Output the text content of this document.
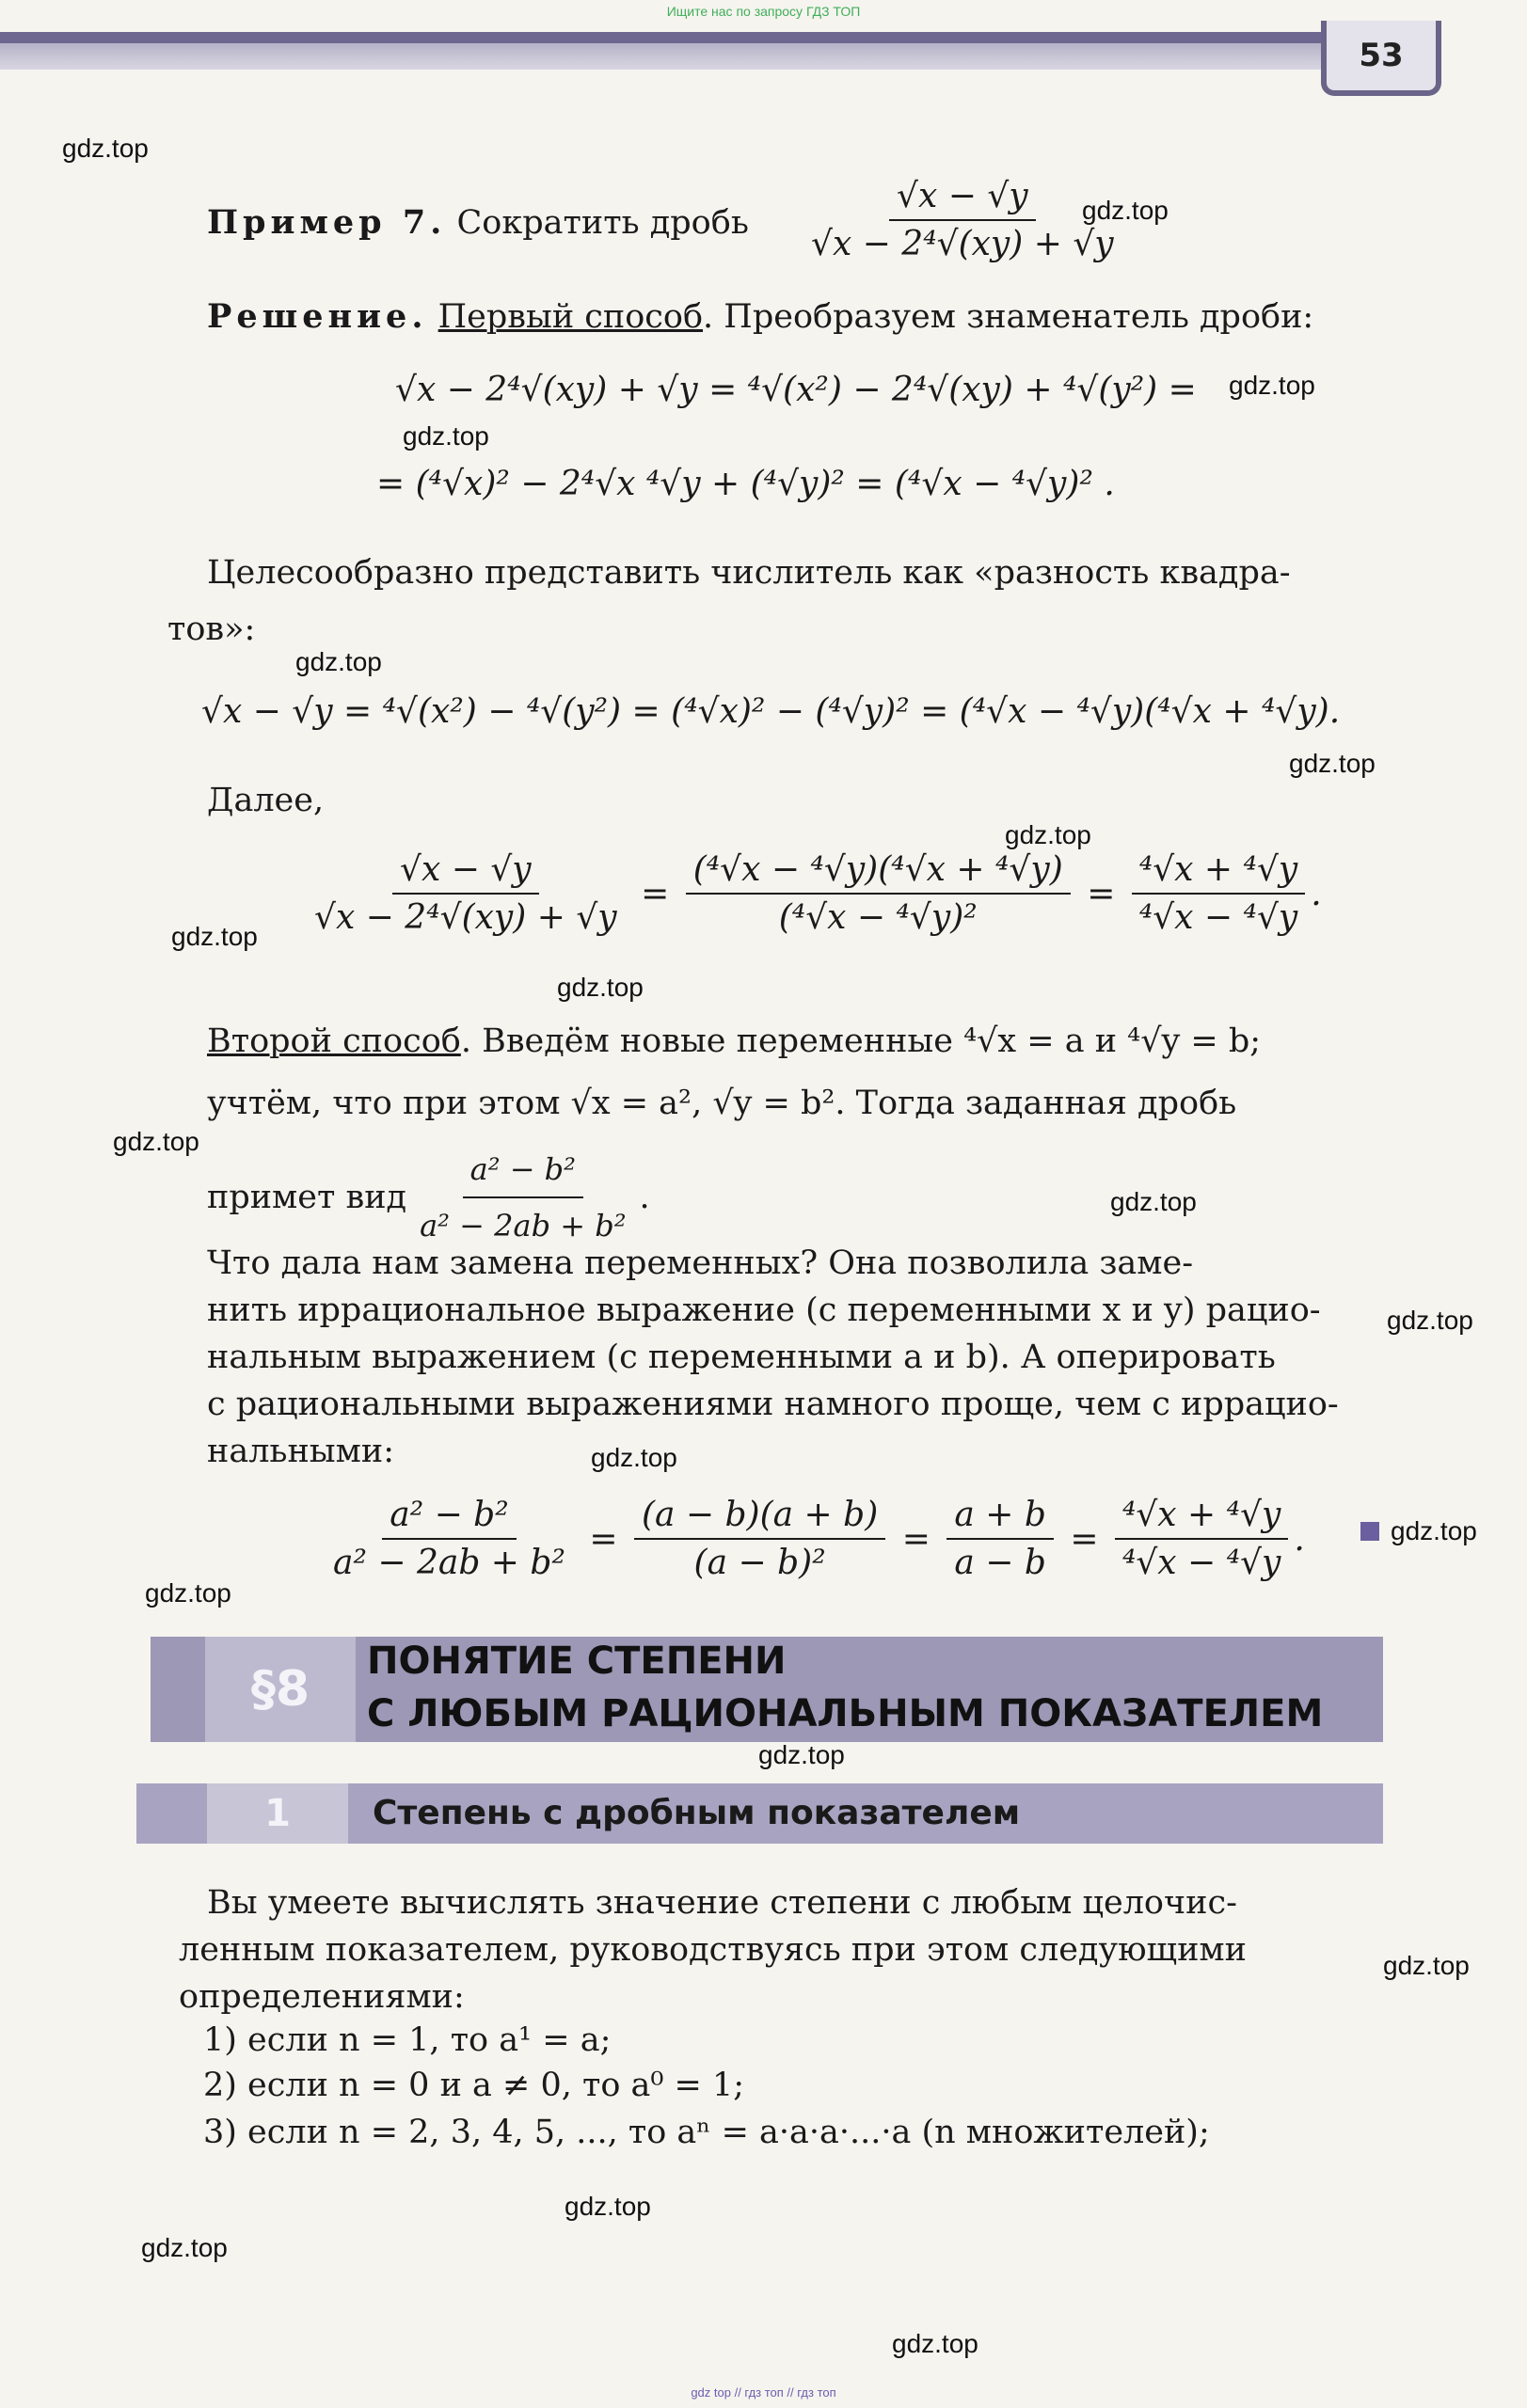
Ищите нас по запросу ГДЗ ТОП
53
Пример 7. Сократить дробь $\frac{√x - √y}{\text{√x − 2⁴√(xy) + √y}}$
Решение. Первый способ. Преобразуем знаменатель дроби:
√x − 2⁴√(xy) + √y = ⁴√(x²) − 2⁴√(xy) + ⁴√(y²) =
= (⁴√x)² − 2⁴√x ⁴√y + (⁴√y)² = (⁴√x − ⁴√y)² .
Целесообразно представить числитель как «разность квадра-
тов»:
√x − √y = ⁴√(x²) − ⁴√(y²) = (⁴√x)² − (⁴√y)² = (⁴√x − ⁴√y)(⁴√x + ⁴√y).
Далее,
$\frac{√x - √y}{\text{√x − 2⁴√(xy) + √y}} = \frac{\text{(⁴√x − ⁴√y)(⁴√x + ⁴√y)}}{\text{(⁴√x − ⁴√y)²}} = \frac{\text{⁴√x + ⁴√y}}{\text{⁴√x − ⁴√y}}$ .
Второй способ. Введём новые переменные ⁴√x = a и ⁴√y = b;
учтём, что при этом √x = a², √y = b². Тогда заданная дробь
примет вид $\frac{\text{a² − b²}}{\text{a² − 2ab + b²}}$ .
Что дала нам замена переменных? Она позволила заме-
нить иррациональное выражение (с переменными x и y) рацио-
нальным выражением (с переменными a и b). А оперировать
с рациональными выражениями намного проще, чем с иррацио-
нальными:
$\frac{\text{a² − b²}}{\text{a² − 2ab + b²}} = \frac{(a - b)(a + b)}{\text{(a − b)²}} = \frac{a + b}{a - b} = \frac{\text{⁴√x + ⁴√y}}{\text{⁴√x − ⁴√y}}$ .
§8	ПОНЯТИЕ СТЕПЕНИ
С ЛЮБЫМ РАЦИОНАЛЬНЫМ ПОКАЗАТЕЛЕМ
1	Степень с дробным показателем
Вы умеете вычислять значение степени с любым целочис-
ленным показателем, руководствуясь при этом следующими
определениями:
1) если n = 1, то a¹ = a;
2) если n = 0 и a ≠ 0, то a⁰ = 1;
3) если n = 2, 3, 4, 5, ..., то aⁿ = a·a·a·...·a (n множителей);
gdz.top
gdz.top
gdz.top
gdz.top
gdz.top
gdz.top
gdz.top
gdz.top
gdz.top
gdz.top
gdz.top
gdz.top
gdz.top
gdz.top
gdz.top
gdz.top
gdz.top
gdz.top
gdz.top
gdz.top
gdz top // гдз топ // гдз топ
